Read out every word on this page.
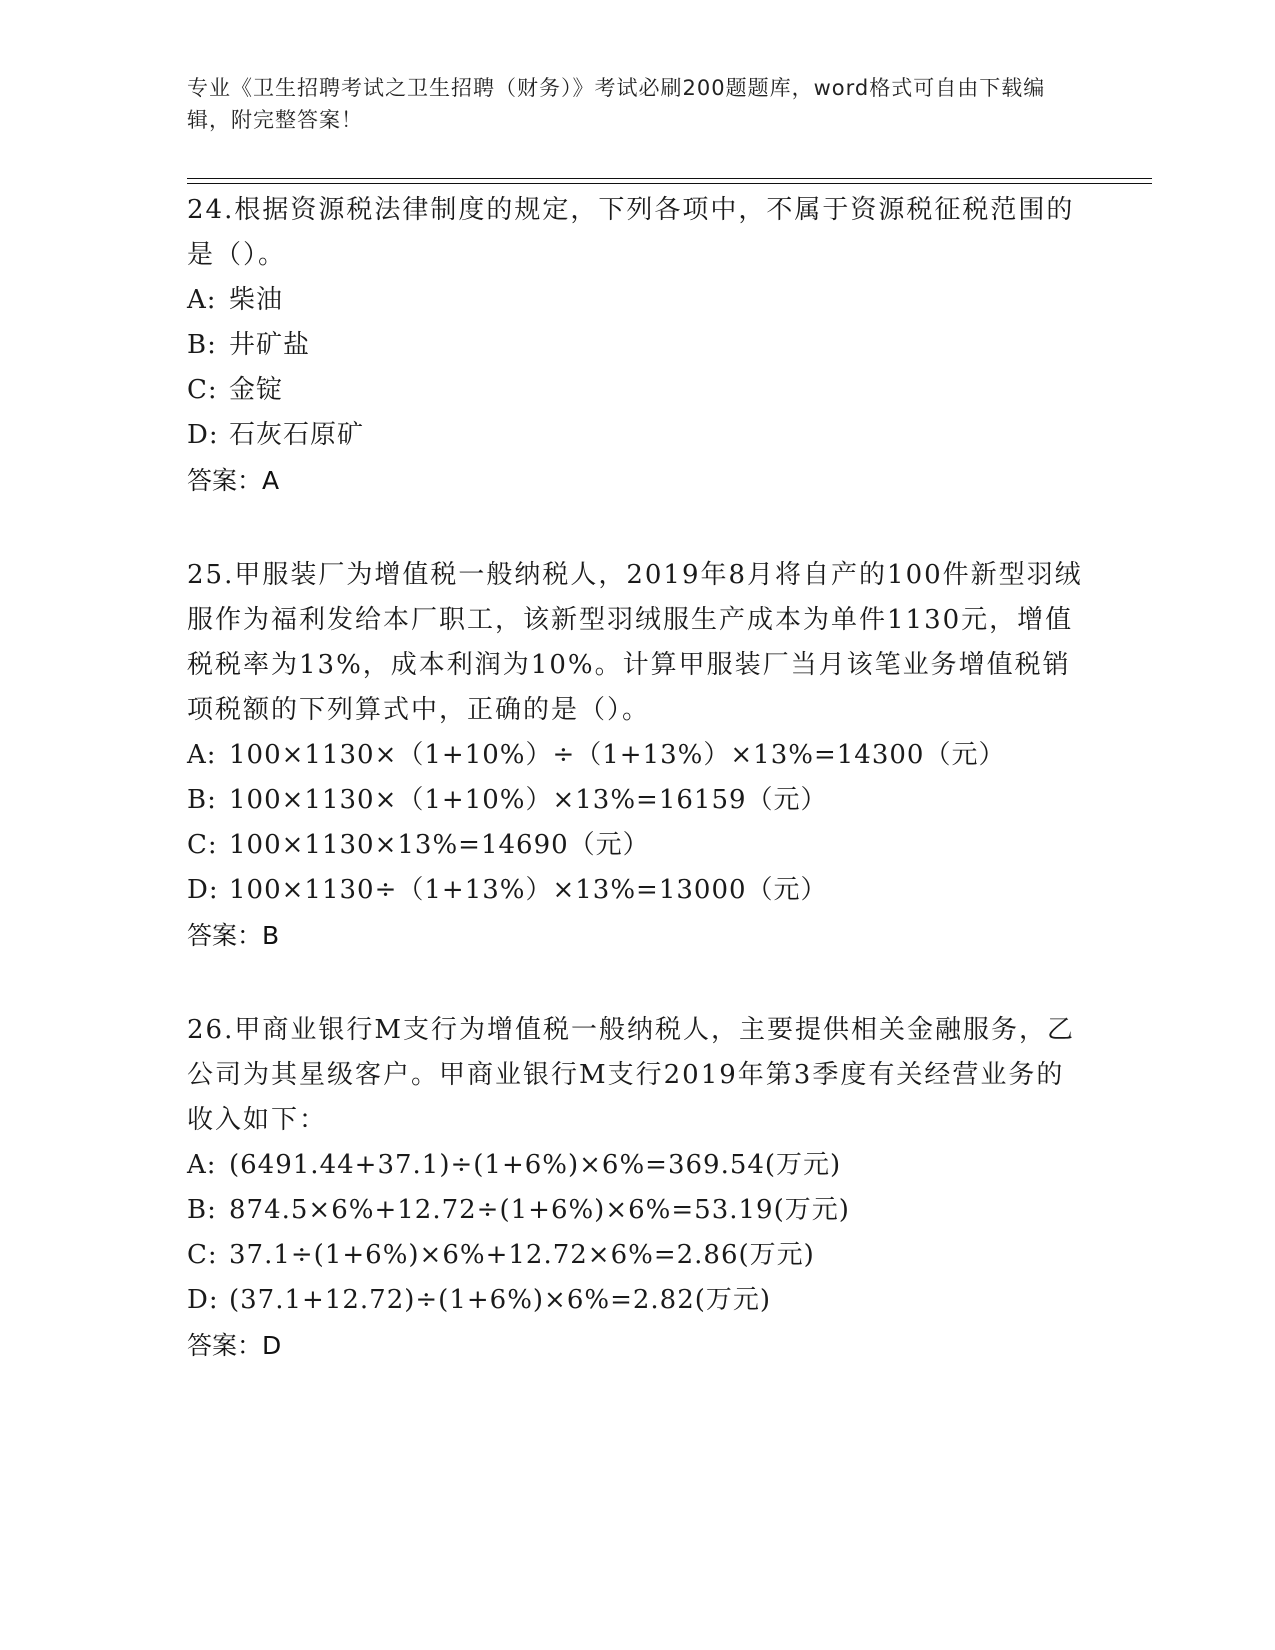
专业《卫生招聘考试之卫生招聘（财务）》考试必刷200题题库，word格式可自由下载编辑，附完整答案！

24.根据资源税法律制度的规定，下列各项中，不属于资源税征税范围的是（）。

A: 柴油
B: 井矿盐
C: 金锭
D: 石灰石原矿
答案：A

25.甲服装厂为增值税一般纳税人，2019年8月将自产的100件新型羽绒服作为福利发给本厂职工，该新型羽绒服生产成本为单件1130元，增值税税率为13%，成本利润为10%。计算甲服装厂当月该笔业务增值税销项税额的下列算式中，正确的是（）。

A: 100×1130×（1+10%）÷（1+13%）×13%=14300（元）
B: 100×1130×（1+10%）×13%=16159（元）
C: 100×1130×13%=14690（元）
D: 100×1130÷（1+13%）×13%=13000（元）
答案：B

26.甲商业银行M支行为增值税一般纳税人，主要提供相关金融服务，乙公司为其星级客户。甲商业银行M支行2019年第3季度有关经营业务的收入如下：

A: (6491.44+37.1)÷(1+6%)×6%=369.54(万元)
B: 874.5×6%+12.72÷(1+6%)×6%=53.19(万元)
C: 37.1÷(1+6%)×6%+12.72×6%=2.86(万元)
D: (37.1+12.72)÷(1+6%)×6%=2.82(万元)
答案：D
